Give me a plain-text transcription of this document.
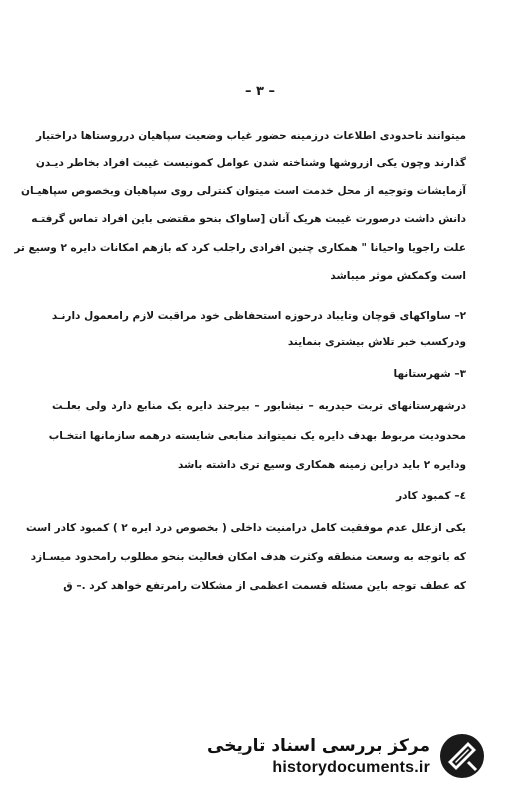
– ٣ –
میتوانند تاحدودی اطلاعات درزمینه حضور غیاب وضعیت سپاهیان درروستاها دراختیار
گذارند وچون یکی ازروشها وشناخته شدن عوامل کمونیست غیبت افراد بخاطر دیـدن
آزمایشات وتوجیه از محل خدمت است میتوان کنترلی روی سپاهیان وبخصوص سپاهیـان
دانش داشت درصورت غیبت هریک آنان [ساواک بنحو مقتضی باین افراد تماس گرفتـه
علت راجویا واحیانا " همکاری چنین افرادی راجلب کرد که بازهم امکانات دایره ۲ وسیع تر
است وکمکش موثر میباشد
۲– ساواکهای قوچان وتایباد درحوزه استحفاظی خود مراقبت لازم رامعمول دارنـد
ودرکسب خبر تلاش بیشتری بنمایند
۳– شهرستانها
درشهرستانهای تربت حیدریه – نیشابور – بیرجند دایره یک منابع دارد ولی بعلـت
محدودیت مربوط بهدف دایره یک نمیتواند منابعی شایسته درهمه سازمانها انتخـاب
ودایره ۲ باید دراین زمینه همکاری وسیع تری داشته باشد
٤– کمبود کادر
یکی ازعلل عدم موفقیت کامل درامنیت داخلی ( بخصوص درد ایره ۲ ) کمبود کادر است
که باتوجه به وسعت منطقه وکثرت هدف امکان فعالیت بنحو مطلوب رامحدود میسـازد
که عطف توجه باین مسئله قسمت اعظمی از مشکلات رامرتفع خواهد کرد .– ق
مرکز بررسی اسناد تاریخی
historydocuments.ir
